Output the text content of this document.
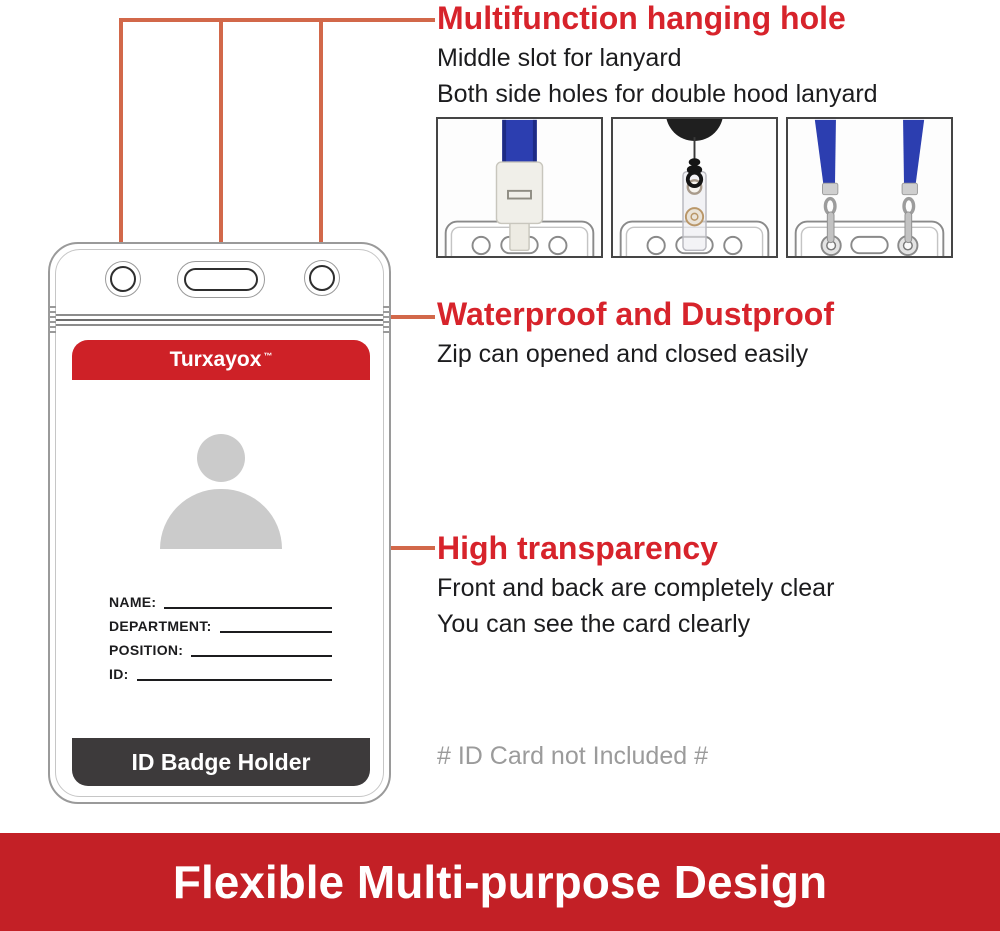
Turxayox ™
NAME:
DEPARTMENT:
POSITION:
ID:
ID Badge Holder
Multifunction hanging hole
Middle slot for lanyard
Both side holes for double hood lanyard
Waterproof and Dustproof
Zip can opened and closed easily
High transparency
Front and back are completely clear
You can see the card clearly
# ID Card not Included #
Flexible Multi-purpose Design
